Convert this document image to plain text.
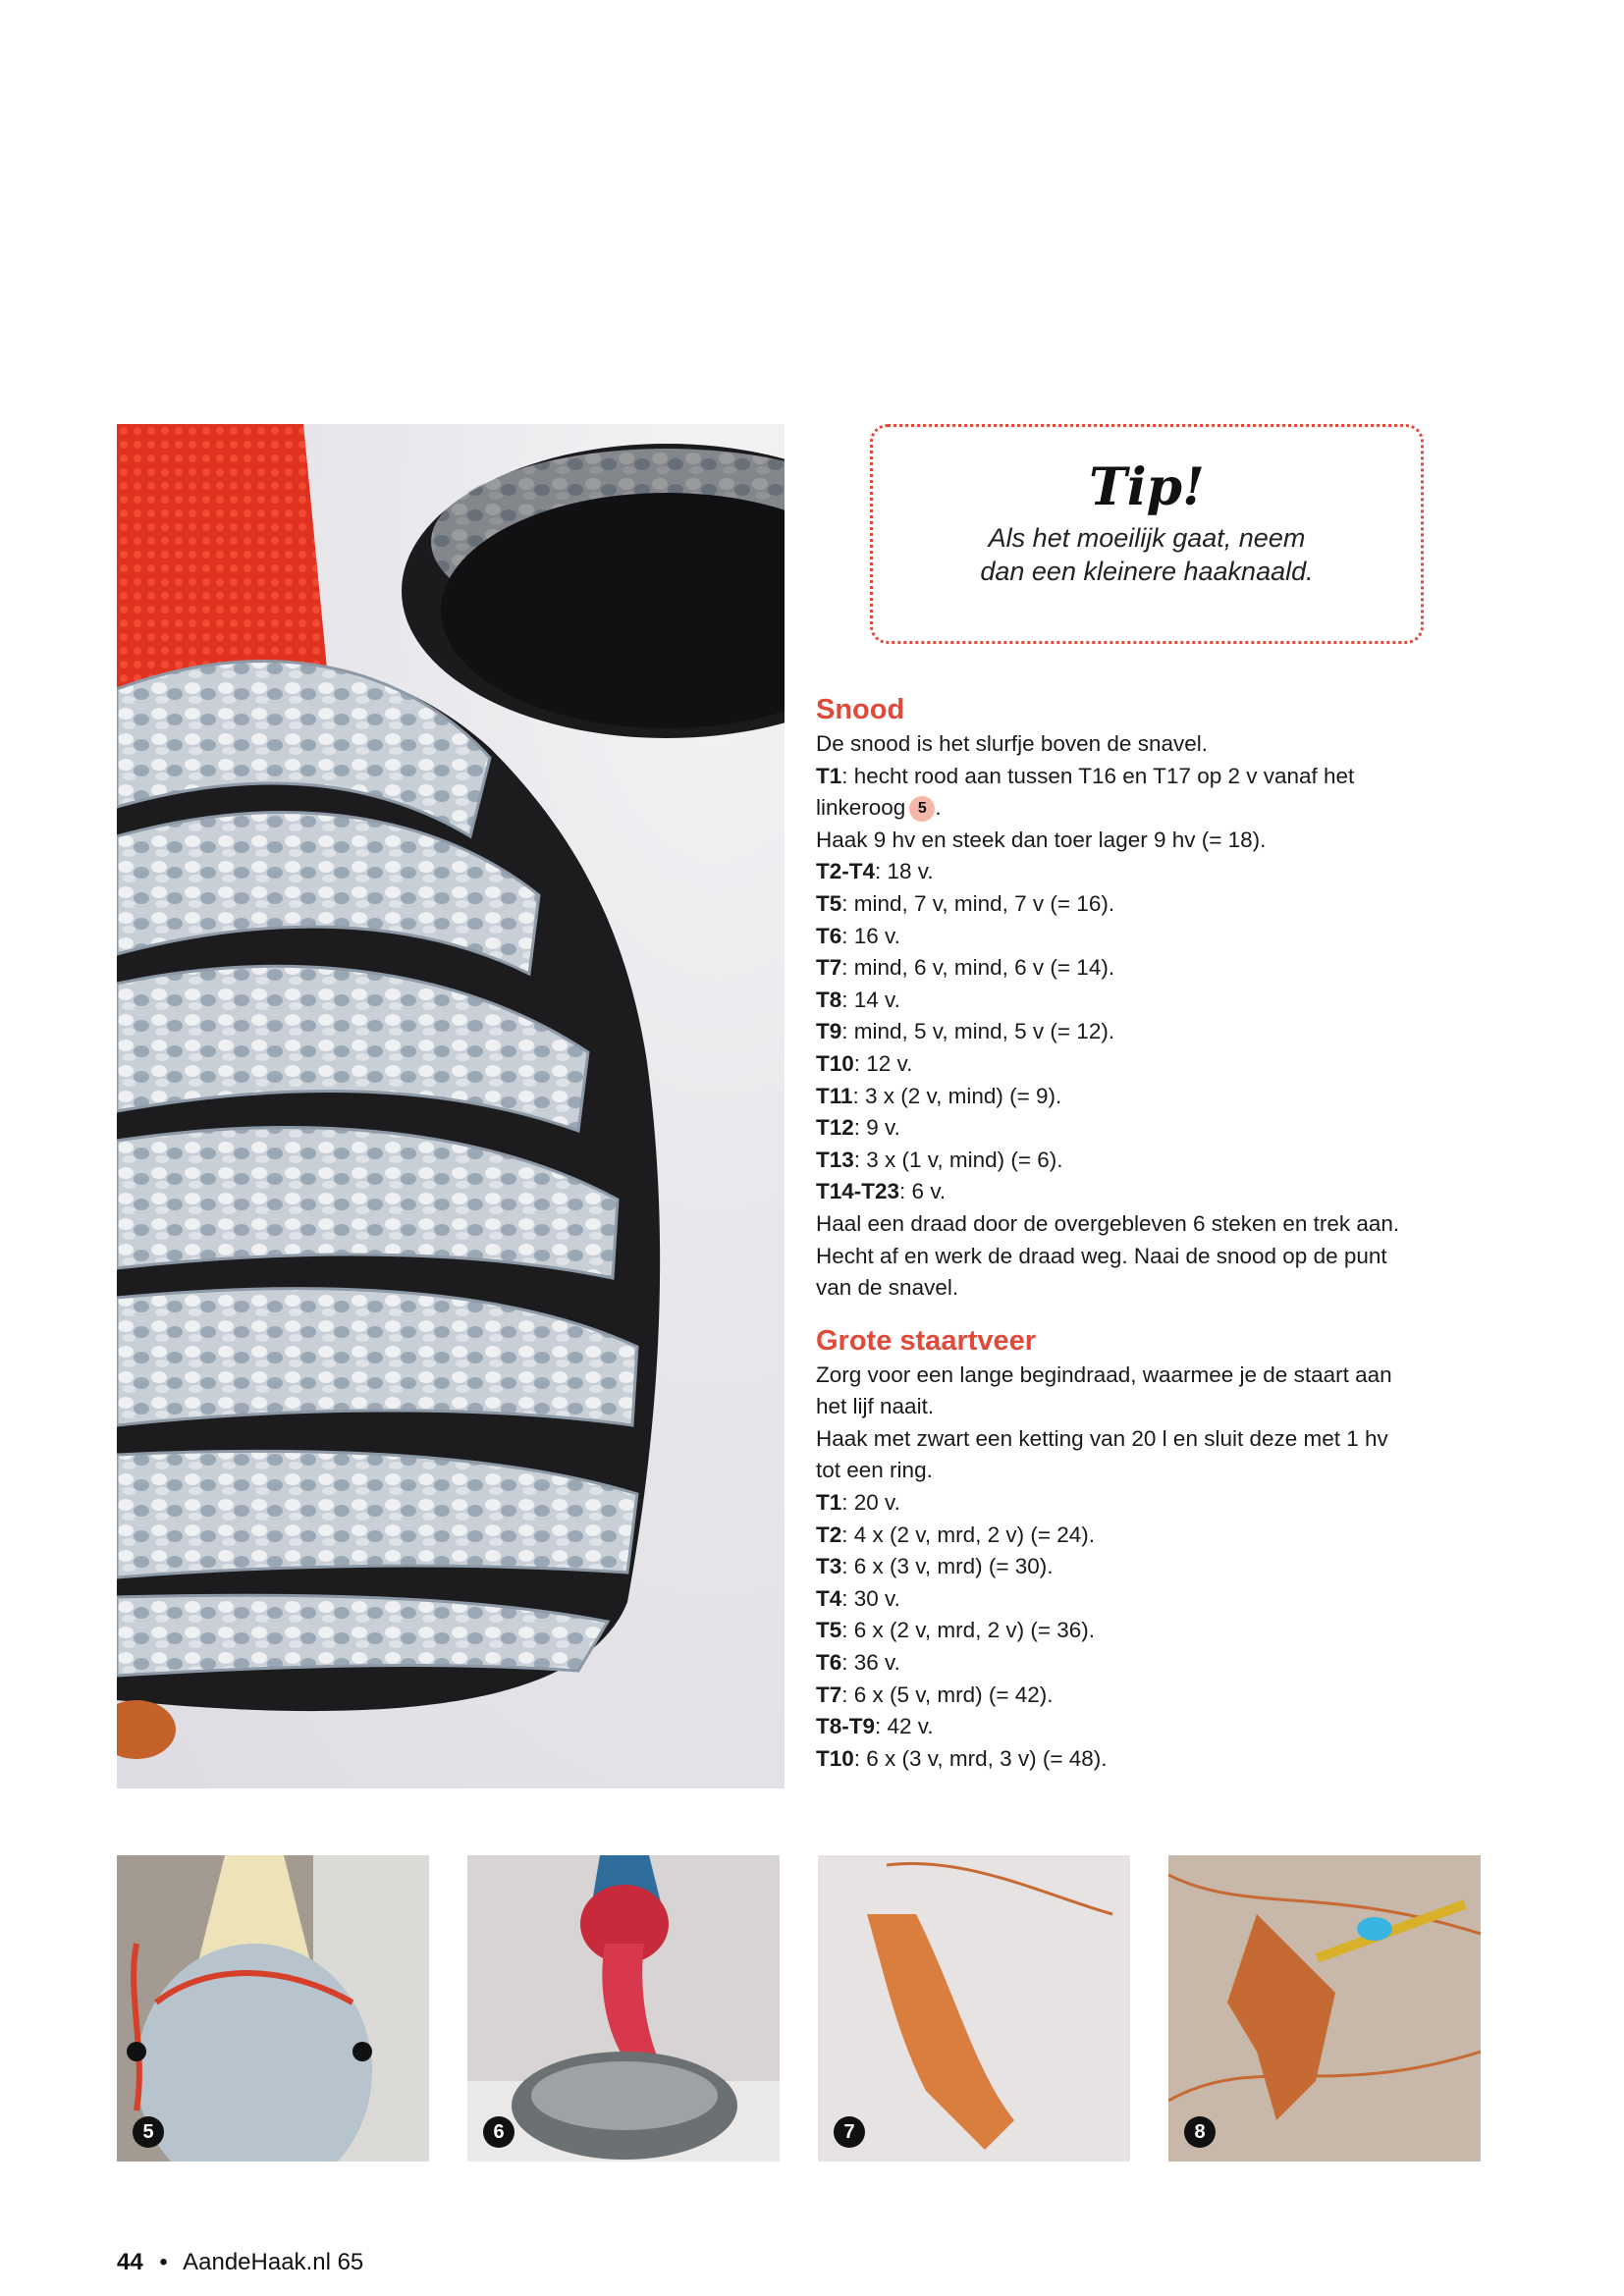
Tip!
Als het moeilijk gaat, neem
dan een kleinere haaknaald.
Snood

De snood is het slurfje boven de snavel.

T1: hecht rood aan tussen T16 en T17 op 2 v vanaf het

linkeroog 5 .

Haak 9 hv en steek dan toer lager 9 hv (= 18).

T2-T4: 18 v.

T5: mind, 7 v, mind, 7 v (= 16).

T6: 16 v.

T7: mind, 6 v, mind, 6 v (= 14).

T8: 14 v.

T9: mind, 5 v, mind, 5 v (= 12).

T10: 12 v.

T11: 3 x (2 v, mind) (= 9).

T12: 9 v.

T13: 3 x (1 v, mind) (= 6).

T14-T23: 6 v.

Haal een draad door de overgebleven 6 steken en trek aan.

Hecht af en werk de draad weg. Naai de snood op de punt

van de snavel.

Grote staartveer

Zorg voor een lange begindraad, waarmee je de staart aan

het lijf naait.

Haak met zwart een ketting van 20 l en sluit deze met 1 hv

tot een ring.

T1: 20 v.

T2: 4 x (2 v, mrd, 2 v) (= 24).

T3: 6 x (3 v, mrd) (= 30).

T4: 30 v.

T5: 6 x (2 v, mrd, 2 v) (= 36).

T6: 36 v.

T7: 6 x (5 v, mrd) (= 42).

T8-T9: 42 v.

T10: 6 x (3 v, mrd, 3 v) (= 48).

5	6	7	8
44 • AandeHaak.nl 65
